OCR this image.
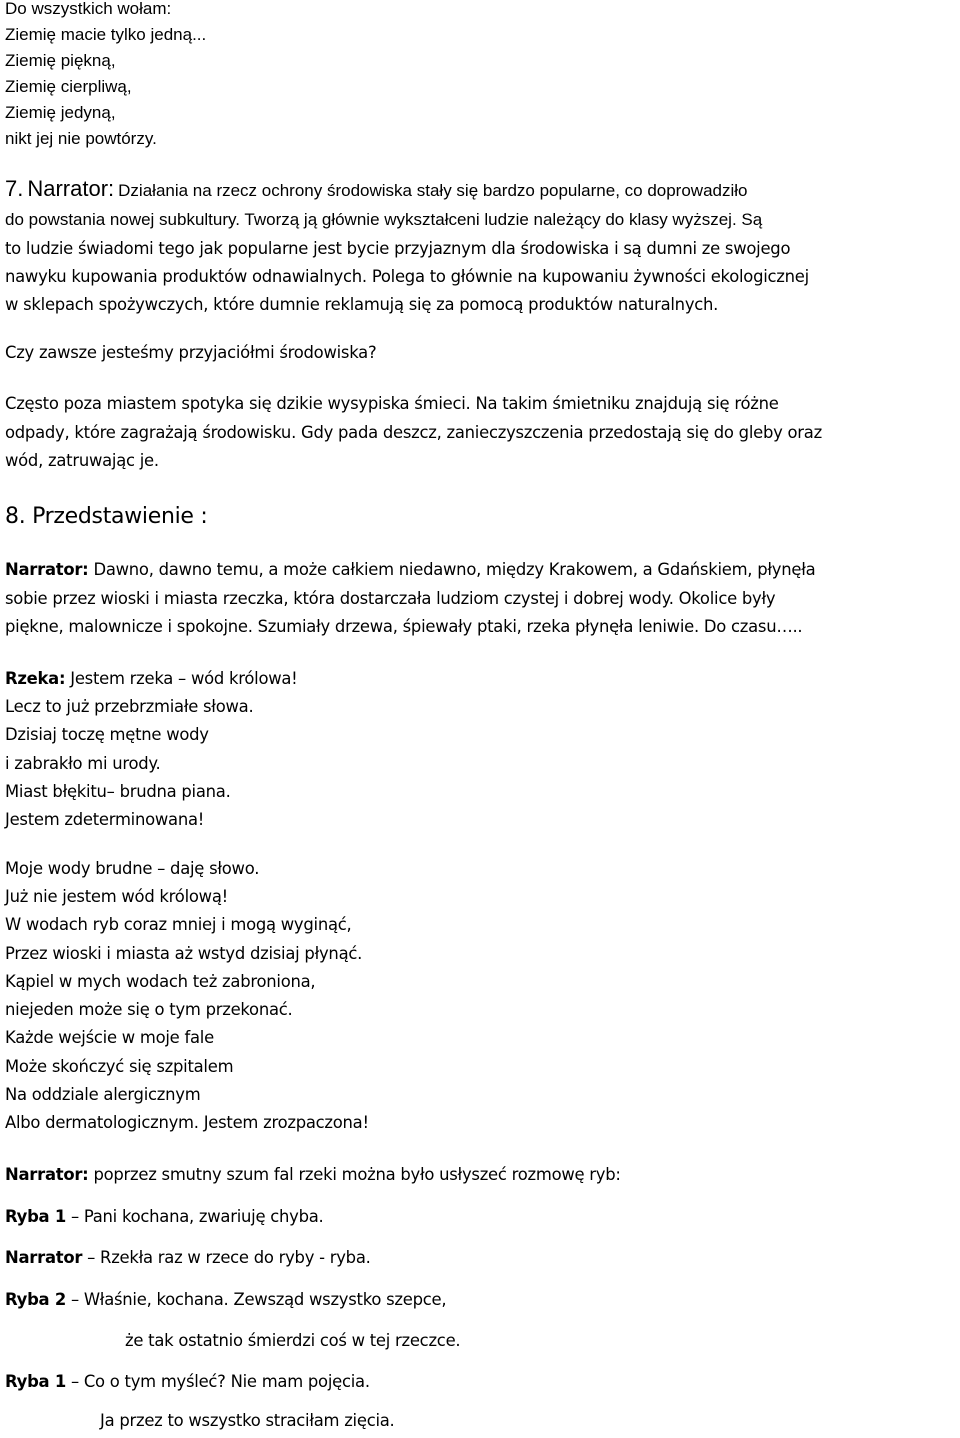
Do wszystkich wołam:
Ziemię macie tylko jedną...
Ziemię piękną,
Ziemię cierpliwą,
Ziemię jedyną,
nikt jej nie powtórzy.
7. Narrator: Działania na rzecz ochrony środowiska stały się bardzo popularne, co doprowadziło
do powstania nowej subkultury. Tworzą ją głównie wykształceni ludzie należący do klasy wyższej. Są
to ludzie świadomi tego jak popularne jest bycie przyjaznym dla środowiska i są dumni ze swojego
nawyku kupowania produktów odnawialnych. Polega to głównie na kupowaniu żywności ekologicznej
w sklepach spożywczych, które dumnie reklamują się za pomocą produktów naturalnych.
Czy zawsze jesteśmy przyjaciółmi środowiska?
Często poza miastem spotyka się dzikie wysypiska śmieci. Na takim śmietniku znajdują się różne
odpady, które zagrażają środowisku. Gdy pada deszcz, zanieczyszczenia przedostają się do gleby oraz
wód, zatruwając je.
8. Przedstawienie :
Narrator: Dawno, dawno temu, a może całkiem niedawno, między Krakowem, a Gdańskiem, płynęła
sobie przez wioski i miasta rzeczka, która dostarczała ludziom czystej i dobrej wody. Okolice były
piękne, malownicze i spokojne. Szumiały drzewa, śpiewały ptaki, rzeka płynęła leniwie. Do czasu…..
Rzeka: Jestem rzeka – wód królowa!
Lecz to już przebrzmiałe słowa.
Dzisiaj toczę mętne wody
i zabrakło mi urody.
Miast błękitu– brudna piana.
Jestem zdeterminowana!
Moje wody brudne – daję słowo.
Już nie jestem wód królową!
W wodach ryb coraz mniej i mogą wyginąć,
Przez wioski i miasta aż wstyd dzisiaj płynąć.
Kąpiel w mych wodach też zabroniona,
niejeden może się o tym przekonać.
Każde wejście w moje fale
Może skończyć się szpitalem
Na oddziale alergicznym
Albo dermatologicznym. Jestem zrozpaczona!
Narrator: poprzez smutny szum fal rzeki można było usłyszeć rozmowę ryb:
Ryba 1 – Pani kochana, zwariuję chyba.
Narrator – Rzekła raz w rzece do ryby - ryba.
Ryba 2 – Właśnie, kochana. Zewsząd wszystko szepce,
że tak ostatnio śmierdzi coś w tej rzeczce.
Ryba 1 – Co o tym myśleć? Nie mam pojęcia.
Ja przez to wszystko straciłam zięcia.
